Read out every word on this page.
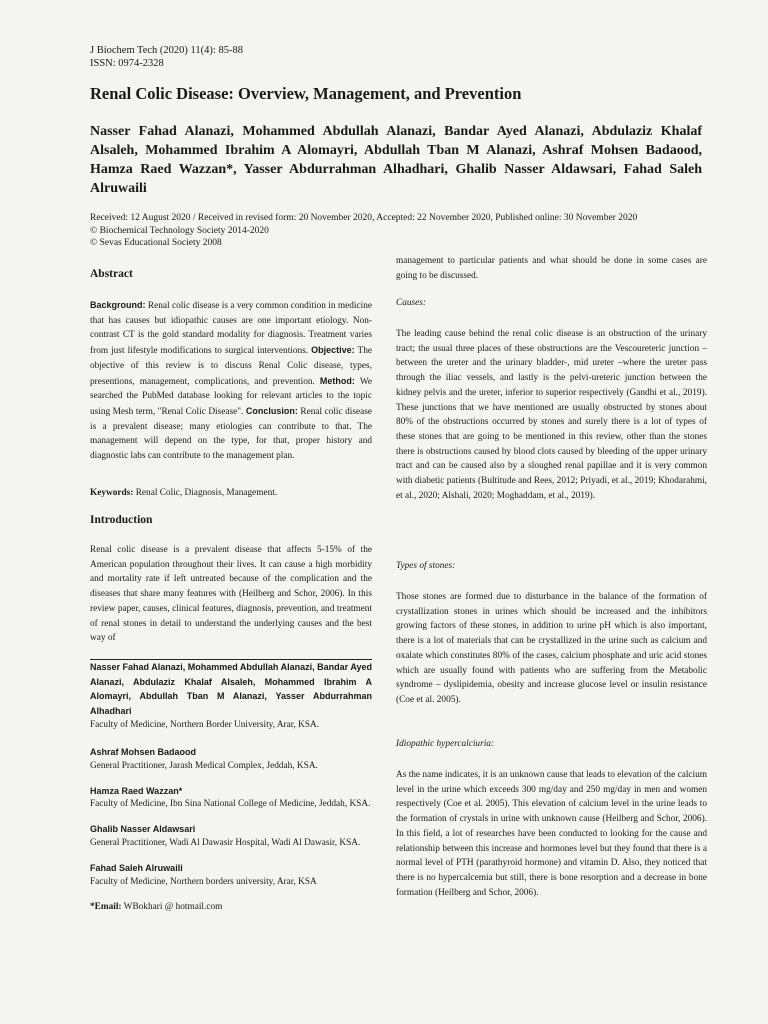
J Biochem Tech (2020) 11(4): 85-88
ISSN: 0974-2328
Renal Colic Disease: Overview, Management, and Prevention
Nasser Fahad Alanazi, Mohammed Abdullah Alanazi, Bandar Ayed Alanazi, Abdulaziz Khalaf Alsaleh, Mohammed Ibrahim A Alomayri, Abdullah Tban M Alanazi, Ashraf Mohsen Badaood, Hamza Raed Wazzan*, Yasser Abdurrahman Alhadhari, Ghalib Nasser Aldawsari, Fahad Saleh Alruwaili
Received: 12 August 2020 / Received in revised form: 20 November 2020, Accepted: 22 November 2020, Published online: 30 November 2020
© Biochemical Technology Society 2014-2020
© Sevas Educational Society 2008
Abstract

Background: Renal colic disease is a very common condition in medicine that has causes but idiopathic causes are one important etiology. Non-contrast CT is the gold standard modality for diagnosis. Treatment varies from just lifestyle modifications to surgical interventions. Objective: The objective of this review is to discuss Renal Colic disease, types, presentions, management, complications, and prevention. Method: We searched the PubMed database looking for relevant articles to the topic using Mesh term, "Renal Colic Disease". Conclusion: Renal colic disease is a prevalent disease; many etiologies can contribute to that. The management will depend on the type, for that, proper history and diagnostic labs can contribute to the management plan.

Keywords: Renal Colic, Diagnosis, Management.
Introduction
Renal colic disease is a prevalent disease that affects 5-15% of the American population throughout their lives. It can cause a high morbidity and mortality rate if left untreated because of the complication and the diseases that share many features with (Heilberg and Schor, 2006). In this review paper, causes, clinical features, diagnosis, prevention, and treatment of renal stones in detail to understand the underlying causes and the best way of
Nasser Fahad Alanazi, Mohammed Abdullah Alanazi, Bandar Ayed Alanazi, Abdulaziz Khalaf Alsaleh, Mohammed Ibrahim A Alomayri, Abdullah Tban M Alanazi, Yasser Abdurrahman Alhadhari
Faculty of Medicine, Northern Border University, Arar, KSA.
Ashraf Mohsen Badaood
General Practitioner, Jarash Medical Complex, Jeddah, KSA.
Hamza Raed Wazzan*
Faculty of Medicine, Ibn Sina National College of Medicine, Jeddah, KSA.
Ghalib Nasser Aldawsari
General Practitioner, Wadi Al Dawasir Hospital, Wadi Al Dawasir, KSA.
Fahad Saleh Alruwaili
Faculty of Medicine, Northern borders university, Arar, KSA
*Email: WBokhari @ hotmail.com
management to particular patients and what should be done in some cases are going to be discussed.
Causes:
The leading cause behind the renal colic disease is an obstruction of the urinary tract; the usual three places of these obstructions are the Vescoureteric junction –between the ureter and the urinary bladder-, mid ureter –where the ureter pass through the iliac vessels, and lastly is the pelvi-ureteric junction between the kidney pelvis and the ureter, inferior to superior respectively (Gandhi et al., 2019). These junctions that we have mentioned are usually obstructed by stones about 80% of the obstructions occurred by stones and surely there is a lot of types of these stones that are going to be mentioned in this review, other than the stones there is obstructions caused by blood clots caused by bleeding of the upper urinary tract and can be caused also by a sloughed renal papillae and it is very common with diabetic patients (Bultitude and Rees, 2012; Priyadi, et al., 2019; Khodarahmi, et al., 2020; Alshali, 2020; Moghaddam, et al., 2019).
Types of stones:
Those stones are formed due to disturbance in the balance of the formation of crystallization stones in urines which should be increased and the inhibitors growing factors of these stones, in addition to urine pH which is also important, there is a lot of materials that can be crystallized in the urine such as calcium and oxalate which constitutes 80% of the cases, calcium phosphate and uric acid stones which are usually found with patients who are suffering from the Metabolic syndrome – dyslipidemia, obesity and increase glucose level or insulin resistance (Coe et al. 2005).
Idiopathic hypercalciuria:
As the name indicates, it is an unknown cause that leads to elevation of the calcium level in the urine which exceeds 300 mg/day and 250 mg/day in men and women respectively (Coe et al. 2005). This elevation of calcium level in the urine leads to the formation of crystals in urine with unknown cause (Heilberg and Schor, 2006). In this field, a lot of researches have been conducted to looking for the cause and relationship between this increase and hormones level but they found that there is a normal level of PTH (parathyroid hormone) and vitamin D. Also, they noticed that there is no hypercalcemia but still, there is bone resorption and a decrease in bone formation (Heilberg and Schor, 2006).
